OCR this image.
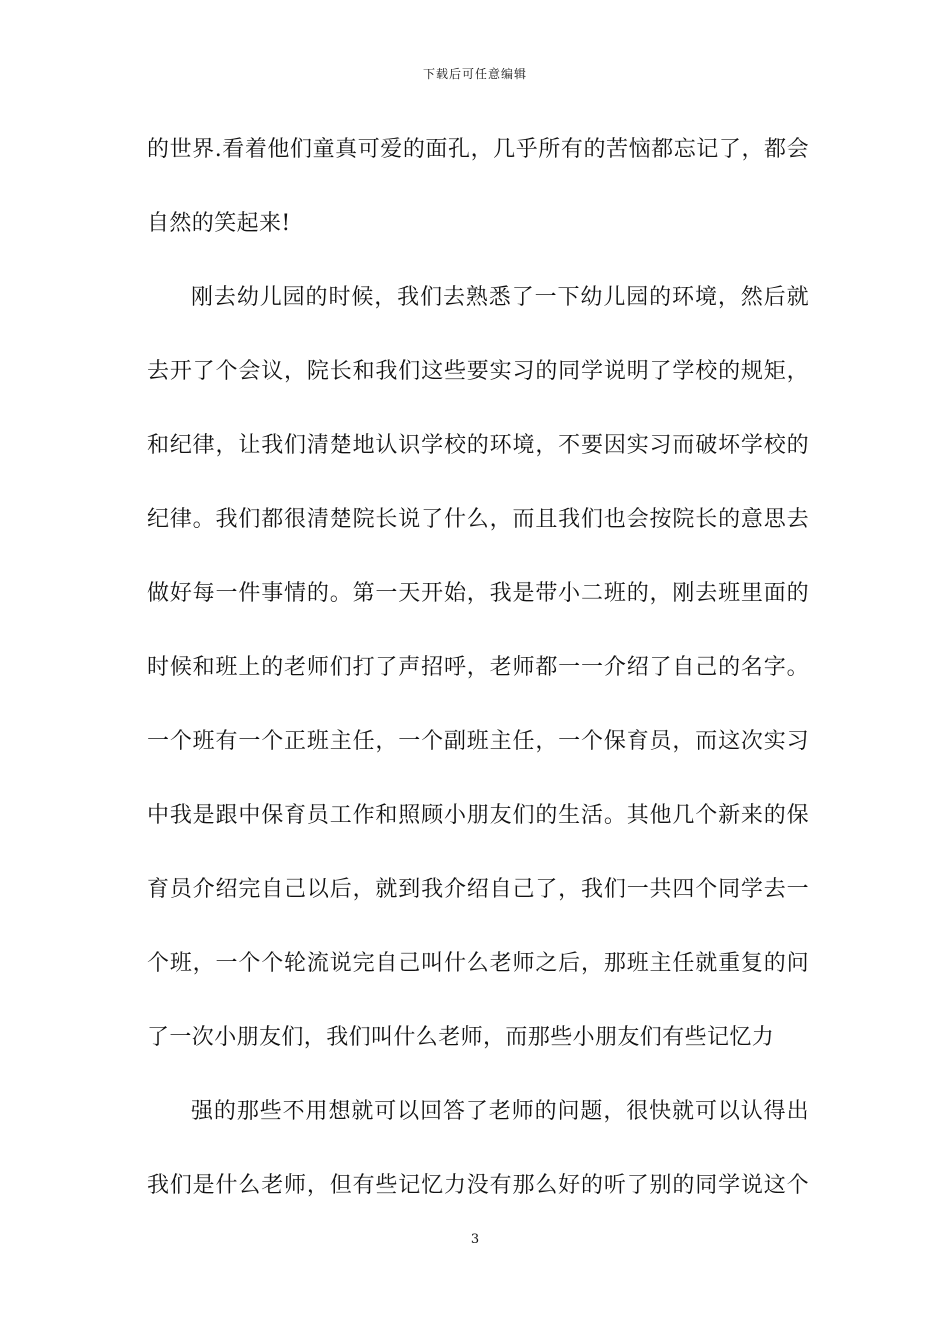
下载后可任意编辑
的世界.看着他们童真可爱的面孔，几乎所有的苦恼都忘记了，都会
自然的笑起来!
刚去幼儿园的时候，我们去熟悉了一下幼儿园的环境，然后就
去开了个会议，院长和我们这些要实习的同学说明了学校的规矩，
和纪律，让我们清楚地认识学校的环境，不要因实习而破坏学校的
纪律。我们都很清楚院长说了什么，而且我们也会按院长的意思去
做好每一件事情的。第一天开始，我是带小二班的，刚去班里面的
时候和班上的老师们打了声招呼，老师都一一介绍了自己的名字。
一个班有一个正班主任，一个副班主任，一个保育员，而这次实习
中我是跟中保育员工作和照顾小朋友们的生活。其他几个新来的保
育员介绍完自己以后，就到我介绍自己了，我们一共四个同学去一
个班，一个个轮流说完自己叫什么老师之后，那班主任就重复的问
了一次小朋友们，我们叫什么老师，而那些小朋友们有些记忆力
强的那些不用想就可以回答了老师的问题，很快就可以认得出
我们是什么老师，但有些记忆力没有那么好的听了别的同学说这个
3
